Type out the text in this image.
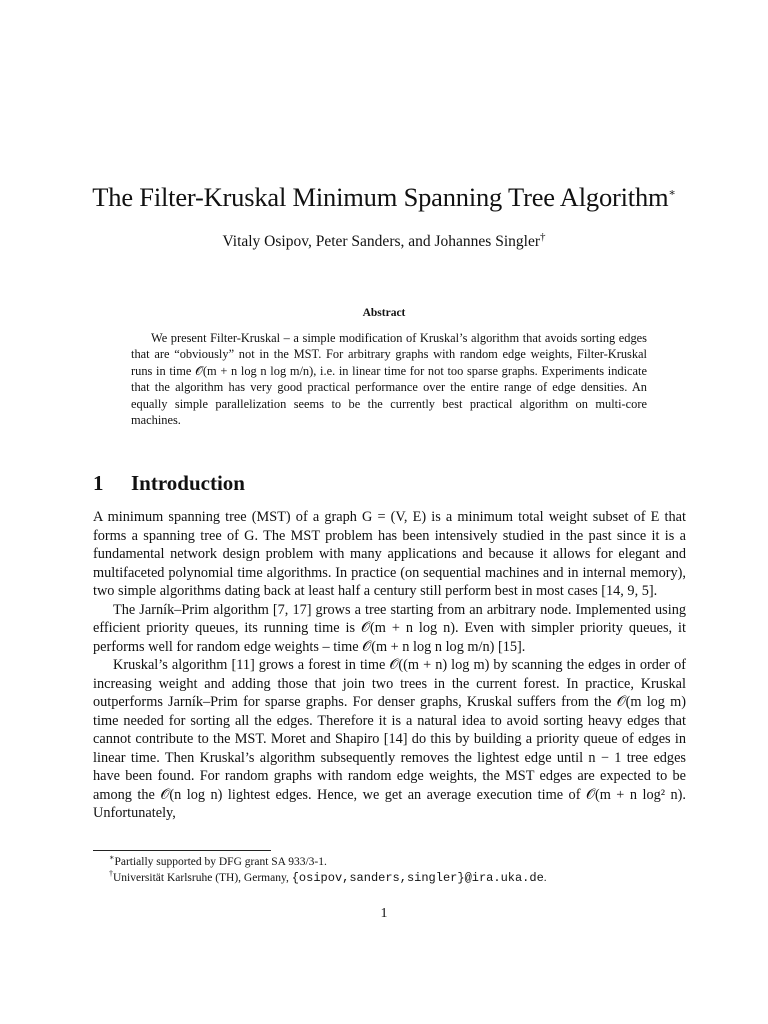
The Filter-Kruskal Minimum Spanning Tree Algorithm∗
Vitaly Osipov, Peter Sanders, and Johannes Singler†
Abstract

We present Filter-Kruskal – a simple modification of Kruskal’s algorithm that avoids sorting edges that are “obviously” not in the MST. For arbitrary graphs with random edge weights, Filter-Kruskal runs in time 𝒪(m + n log n log m/n), i.e. in linear time for not too sparse graphs. Experiments indicate that the algorithm has very good practical performance over the entire range of edge densities. An equally simple parallelization seems to be the currently best practical algorithm on multi-core machines.

1 Introduction

A minimum spanning tree (MST) of a graph G = (V, E) is a minimum total weight subset of E that forms a spanning tree of G. The MST problem has been intensively studied in the past since it is a fundamental network design problem with many applications and because it allows for elegant and multifaceted polynomial time algorithms. In practice (on sequential machines and in internal memory), two simple algorithms dating back at least half a century still perform best in most cases [14, 9, 5].

The Jarník–Prim algorithm [7, 17] grows a tree starting from an arbitrary node. Implemented using efficient priority queues, its running time is 𝒪(m + n log n). Even with simpler priority queues, it performs well for random edge weights – time 𝒪(m + n log n log m/n) [15].

Kruskal’s algorithm [11] grows a forest in time 𝒪((m + n) log m) by scanning the edges in order of increasing weight and adding those that join two trees in the current forest. In practice, Kruskal outperforms Jarník–Prim for sparse graphs. For denser graphs, Kruskal suffers from the 𝒪(m log m) time needed for sorting all the edges. Therefore it is a natural idea to avoid sorting heavy edges that cannot contribute to the MST. Moret and Shapiro [14] do this by building a priority queue of edges in linear time. Then Kruskal’s algorithm subsequently removes the lightest edge until n − 1 tree edges have been found. For random graphs with random edge weights, the MST edges are expected to be among the 𝒪(n log n) lightest edges. Hence, we get an average execution time of 𝒪(m + n log² n). Unfortunately,

∗Partially supported by DFG grant SA 933/3-1.
†Universität Karlsruhe (TH), Germany, {osipov,sanders,singler}@ira.uka.de.
1
